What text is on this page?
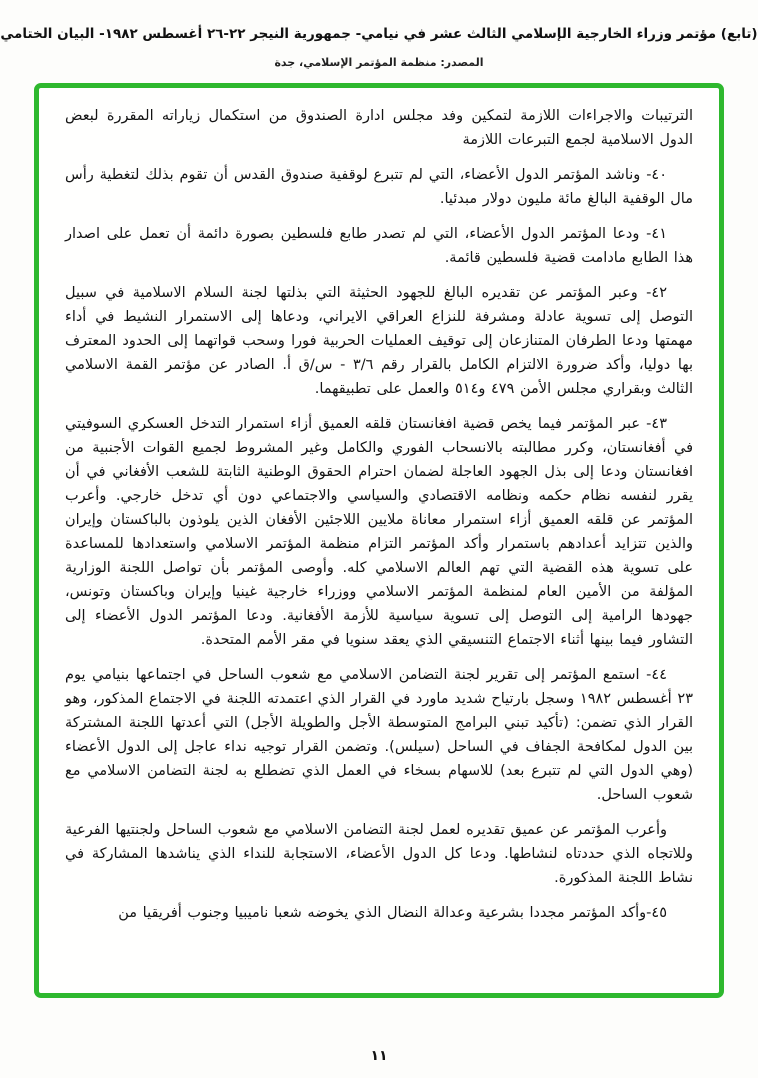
(تابع) مؤتمر وزراء الخارجية الإسلامي الثالث عشر في نيامي- جمهورية النيجر ٢٢-٢٦ أغسطس ١٩٨٢- البيان الختامي
المصدر: منظمة المؤتمر الإسلامي، جدة

الترتيبات والاجراءات اللازمة لتمكين وفد مجلس ادارة الصندوق من استكمال زياراته المقررة لبعض الدول الاسلامية لجمع التبرعات اللازمة

٤٠- وناشد المؤتمر الدول الأعضاء، التي لم تتبرع لوقفية صندوق القدس أن تقوم بذلك لتغطية رأس مال الوقفية البالغ مائة مليون دولار مبدئيا.

٤١- ودعا المؤتمر الدول الأعضاء، التي لم تصدر طابع فلسطين بصورة دائمة أن تعمل على اصدار هذا الطابع مادامت قضية فلسطين قائمة.

٤٢- وعبر المؤتمر عن تقديره البالغ للجهود الحثيثة التي بذلتها لجنة السلام الاسلامية في سبيل التوصل إلى تسوية عادلة ومشرفة للنزاع العراقي الايراني، ودعاها إلى الاستمرار النشيط في أداء مهمتها ودعا الطرفان المتنازعان إلى توقيف العمليات الحربية فورا وسحب قواتهما إلى الحدود المعترف بها دوليا، وأكد ضرورة الالتزام الكامل بالقرار رقم ٣/٦ - س/ق أ. الصادر عن مؤتمر القمة الاسلامي الثالث وبقراري مجلس الأمن ٤٧٩ و٥١٤ والعمل على تطبيقهما.

٤٣- عبر المؤتمر فيما يخص قضية افغانستان قلقه العميق أزاء استمرار التدخل العسكري السوفيتي في أفغانستان، وكرر مطالبته بالانسحاب الفوري والكامل وغير المشروط لجميع القوات الأجنبية من افغانستان ودعا إلى بذل الجهود العاجلة لضمان احترام الحقوق الوطنية الثابتة للشعب الأفغاني في أن يقرر لنفسه نظام حكمه ونظامه الاقتصادي والسياسي والاجتماعي دون أي تدخل خارجي. وأعرب المؤتمر عن قلقه العميق أزاء استمرار معاناة ملايين اللاجئين الأفغان الذين يلوذون بالباكستان وإيران والذين تتزايد أعدادهم باستمرار وأكد المؤتمر التزام منظمة المؤتمر الاسلامي واستعدادها للمساعدة على تسوية هذه القضية التي تهم العالم الاسلامي كله. وأوصى المؤتمر بأن تواصل اللجنة الوزارية المؤلفة من الأمين العام لمنظمة المؤتمر الاسلامي ووزراء خارجية غينيا وإيران وباكستان وتونس، جهودها الرامية إلى التوصل إلى تسوية سياسية للأزمة الأفغانية. ودعا المؤتمر الدول الأعضاء إلى التشاور فيما بينها أثناء الاجتماع التنسيقي الذي يعقد سنويا في مقر الأمم المتحدة.

٤٤- استمع المؤتمر إلى تقرير لجنة التضامن الاسلامي مع شعوب الساحل في اجتماعها بنيامي يوم ٢٣ أغسطس ١٩٨٢ وسجل بارتياح شديد ماورد في القرار الذي اعتمدته اللجنة في الاجتماع المذكور، وهو القرار الذي تضمن: (تأكيد تبني البرامج المتوسطة الأجل والطويلة الأجل) التي أعدتها اللجنة المشتركة بين الدول لمكافحة الجفاف في الساحل (سيلس). وتضمن القرار توجيه نداء عاجل إلى الدول الأعضاء (وهي الدول التي لم تتبرع بعد) للاسهام بسخاء في العمل الذي تضطلع به لجنة التضامن الاسلامي مع شعوب الساحل.

وأعرب المؤتمر عن عميق تقديره لعمل لجنة التضامن الاسلامي مع شعوب الساحل ولجنتيها الفرعية وللاتجاه الذي حددتاه لنشاطها. ودعا كل الدول الأعضاء، الاستجابة للنداء الذي يناشدها المشاركة في نشاط اللجنة المذكورة.

٤٥-وأكد المؤتمر مجددا بشرعية وعدالة النضال الذي يخوضه شعبا ناميبيا وجنوب أفريقيا من

١١
